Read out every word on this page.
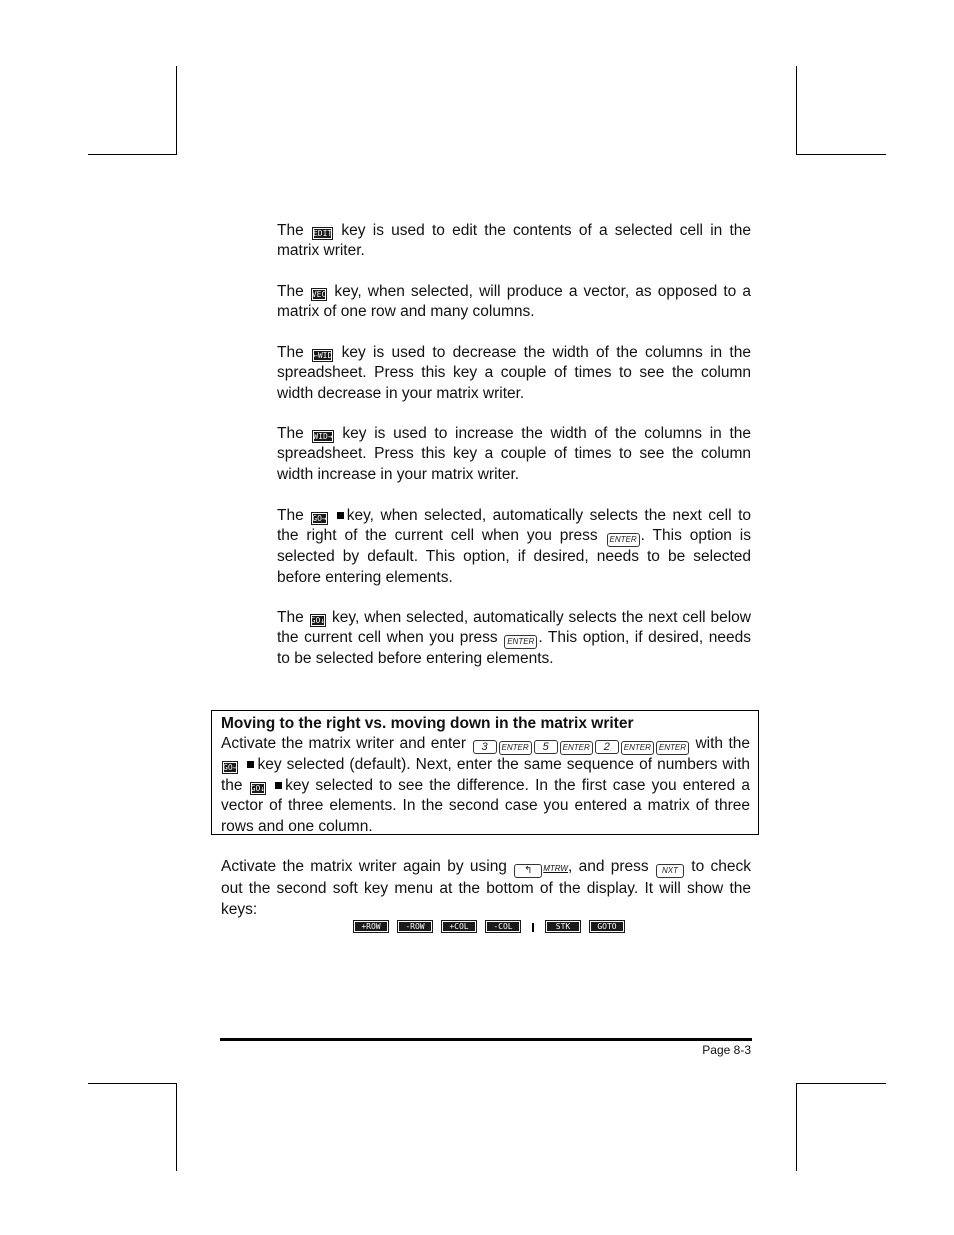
The EDIT key is used to edit the contents of a selected cell in the matrix writer.

The VEC key, when selected, will produce a vector, as opposed to a matrix of one row and many columns.

The ←WID key is used to decrease the width of the columns in the spreadsheet. Press this key a couple of times to see the column width decrease in your matrix writer.

The WID→ key is used to increase the width of the columns in the spreadsheet. Press this key a couple of times to see the column width increase in your matrix writer.

The GO→ key, when selected, automatically selects the next cell to the right of the current cell when you press ENTER . This option is selected by default. This option, if desired, needs to be selected before entering elements.

The GO↓ key, when selected, automatically selects the next cell below the current cell when you press ENTER . This option, if desired, needs to be selected before entering elements.

Moving to the right vs. moving down in the matrix writer
Activate the matrix writer and enter 3 ENTER 5 ENTER 2 ENTER ENTER with the GO→ key selected (default). Next, enter the same sequence of numbers with the GO↓ key selected to see the difference. In the first case you entered a vector of three elements. In the second case you entered a matrix of three rows and one column.

Activate the matrix writer again by using ↰ MTRW, and press NXT to check out the second soft key menu at the bottom of the display. It will show the keys:

+ROW	-ROW	+COL	-COL	STK	GOTO
Page 8-3
